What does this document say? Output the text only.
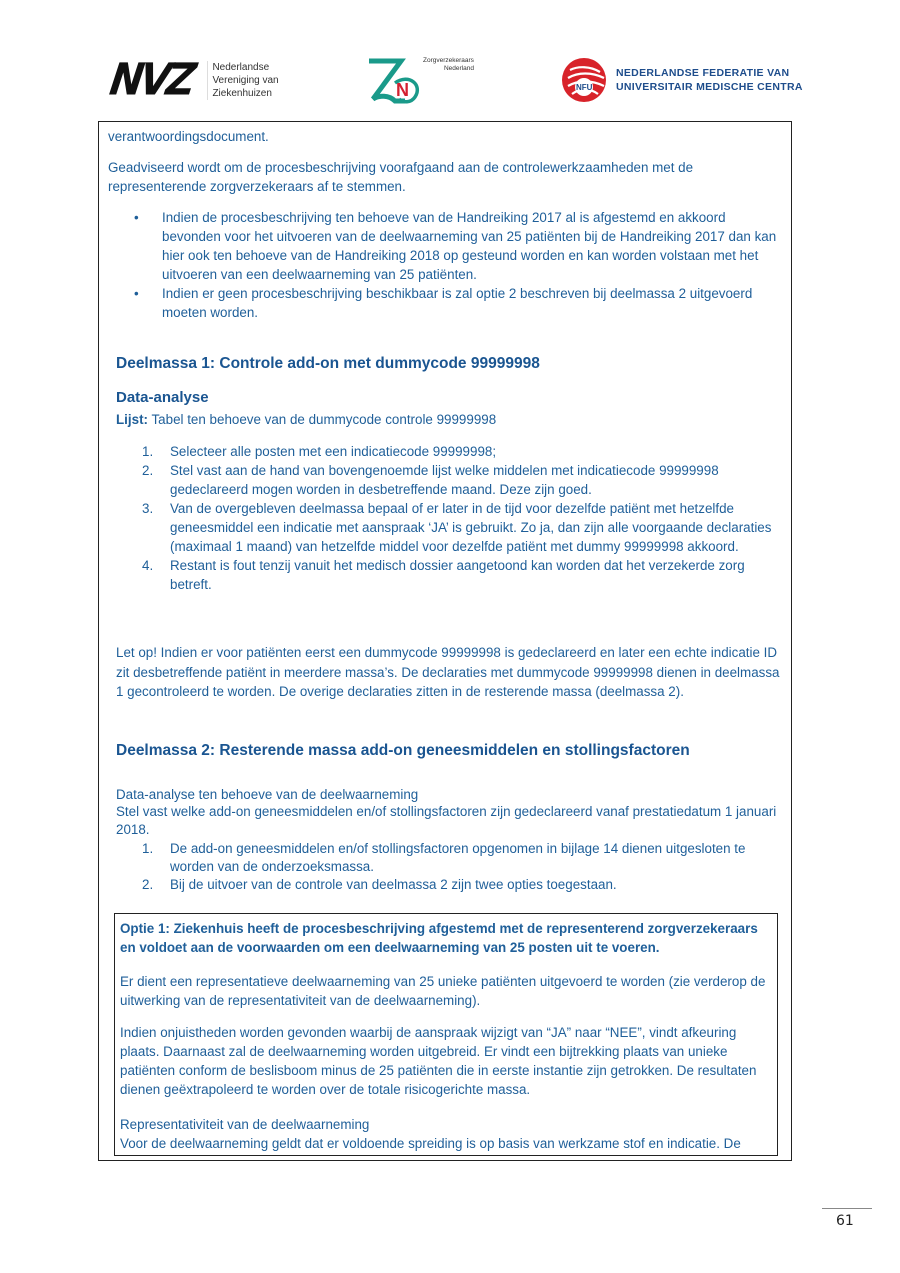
NVZ Nederlandse
Vereniging van
Ziekenhuizen	N
Zorgverzekeraars
Nederland
NFU
NEDERLANDSE FEDERATIE VAN
UNIVERSITAIR MEDISCHE CENTRA

verantwoordingsdocument.

Geadviseerd wordt om de procesbeschrijving voorafgaand aan de controlewerkzaamheden met de representerende zorgverzekeraars af te stemmen.

• Indien de procesbeschrijving ten behoeve van de Handreiking 2017 al is afgestemd en akkoord bevonden voor het uitvoeren van de deelwaarneming van 25 patiënten bij de Handreiking 2017 dan kan hier ook ten behoeve van de Handreiking 2018 op gesteund worden en kan worden volstaan met het uitvoeren van een deelwaarneming van 25 patiënten.
• Indien er geen procesbeschrijving beschikbaar is zal optie 2 beschreven bij deelmassa 2 uitgevoerd moeten worden.
Deelmassa 1: Controle add-on met dummycode 99999998
Data-analyse

Lijst: Tabel ten behoeve van de dummycode controle 99999998

1. Selecteer alle posten met een indicatiecode 99999998;
2. Stel vast aan de hand van bovengenoemde lijst welke middelen met indicatiecode 99999998 gedeclareerd mogen worden in desbetreffende maand. Deze zijn goed.
3. Van de overgebleven deelmassa bepaal of er later in de tijd voor dezelfde patiënt met hetzelfde geneesmiddel een indicatie met aanspraak ‘JA’ is gebruikt. Zo ja, dan zijn alle voorgaande declaraties (maximaal 1 maand) van hetzelfde middel voor dezelfde patiënt met dummy 99999998 akkoord.
4. Restant is fout tenzij vanuit het medisch dossier aangetoond kan worden dat het verzekerde zorg betreft.

Let op! Indien er voor patiënten eerst een dummycode 99999998 is gedeclareerd en later een echte indicatie ID zit desbetreffende patiënt in meerdere massa’s. De declaraties met dummycode 99999998 dienen in deelmassa 1 gecontroleerd te worden. De overige declaraties zitten in de resterende massa (deelmassa 2).

Deelmassa 2: Resterende massa add-on geneesmiddelen en stollingsfactoren

Data-analyse ten behoeve van de deelwaarneming

Stel vast welke add-on geneesmiddelen en/of stollingsfactoren zijn gedeclareerd vanaf prestatiedatum 1 januari 2018.

1. De add-on geneesmiddelen en/of stollingsfactoren opgenomen in bijlage 14 dienen uitgesloten te worden van de onderzoeksmassa.
2. Bij de uitvoer van de controle van deelmassa 2 zijn twee opties toegestaan.

Optie 1: Ziekenhuis heeft de procesbeschrijving afgestemd met de representerend zorgverzekeraars en voldoet aan de voorwaarden om een deelwaarneming van 25 posten uit te voeren.

Er dient een representatieve deelwaarneming van 25 unieke patiënten uitgevoerd te worden (zie verderop de uitwerking van de representativiteit van de deelwaarneming).

Indien onjuistheden worden gevonden waarbij de aanspraak wijzigt van “JA” naar “NEE”, vindt afkeuring plaats. Daarnaast zal de deelwaarneming worden uitgebreid. Er vindt een bijtrekking plaats van unieke patiënten conform de beslisboom minus de 25 patiënten die in eerste instantie zijn getrokken. De resultaten dienen geëxtrapoleerd te worden over de totale risicogerichte massa.

Representativiteit van de deelwaarneming

Voor de deelwaarneming geldt dat er voldoende spreiding is op basis van werkzame stof en indicatie. De

61
